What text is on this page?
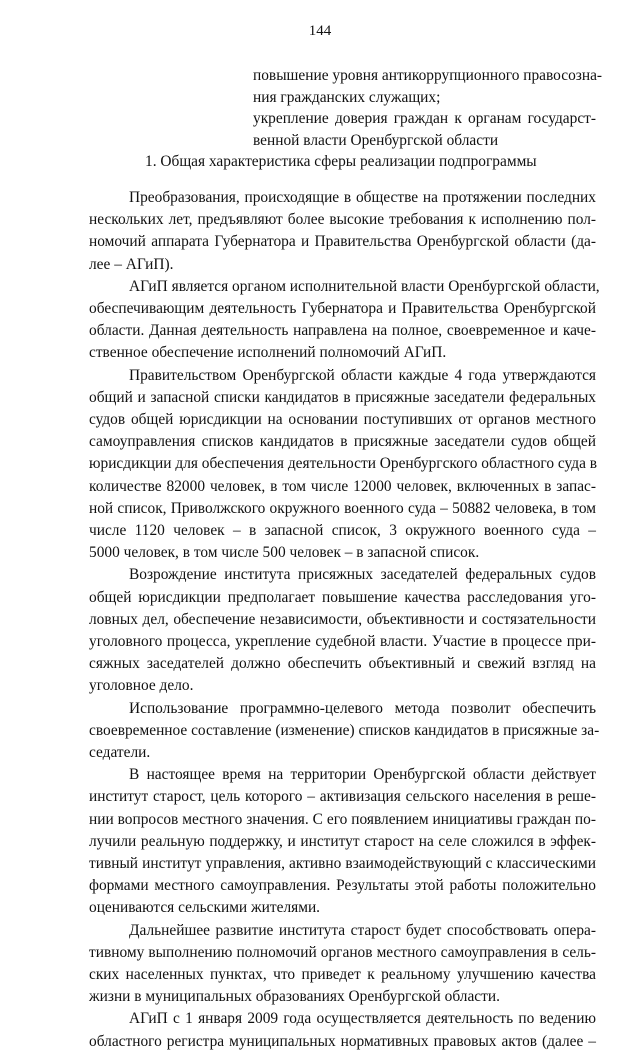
144
повышение уровня антикоррупционного правосозна-
ния гражданских служащих;
укрепление доверия граждан к органам государст-
венной власти Оренбургской области
1. Общая характеристика сферы реализации подпрограммы
Преобразования, происходящие в обществе на протяжении последних
нескольких лет, предъявляют более высокие требования к исполнению пол-
номочий аппарата Губернатора и Правительства Оренбургской области (да-
лее – АГиП).
АГиП является органом исполнительной власти Оренбургской области,
обеспечивающим деятельность Губернатора и Правительства Оренбургской
области. Данная деятельность направлена на полное, своевременное и каче-
ственное обеспечение исполнений полномочий АГиП.
Правительством Оренбургской области каждые 4 года утверждаются
общий и запасной списки кандидатов в присяжные заседатели федеральных
судов общей юрисдикции на основании поступивших от органов местного
самоуправления списков кандидатов в присяжные заседатели судов общей
юрисдикции для обеспечения деятельности Оренбургского областного суда в
количестве 82000 человек, в том числе 12000 человек, включенных в запас-
ной список, Приволжского окружного военного суда – 50882 человека, в том
числе 1120 человек – в запасной список, 3 окружного военного суда –
5000 человек, в том числе 500 человек – в запасной список.
Возрождение института присяжных заседателей федеральных судов
общей юрисдикции предполагает повышение качества расследования уго-
ловных дел, обеспечение независимости, объективности и состязательности
уголовного процесса, укрепление судебной власти. Участие в процессе при-
сяжных заседателей должно обеспечить объективный и свежий взгляд на
уголовное дело.
Использование программно-целевого метода позволит обеспечить
своевременное составление (изменение) списков кандидатов в присяжные за-
седатели.
В настоящее время на территории Оренбургской области действует
институт старост, цель которого – активизация сельского населения в реше-
нии вопросов местного значения. С его появлением инициативы граждан по-
лучили реальную поддержку, и институт старост на селе сложился в эффек-
тивный институт управления, активно взаимодействующий с классическими
формами местного самоуправления. Результаты этой работы положительно
оцениваются сельскими жителями.
Дальнейшее развитие института старост будет способствовать опера-
тивному выполнению полномочий органов местного самоуправления в сель-
ских населенных пунктах, что приведет к реальному улучшению качества
жизни в муниципальных образованиях Оренбургской области.
АГиП с 1 января 2009 года осуществляется деятельность по ведению
областного регистра муниципальных нормативных правовых актов (далее –
